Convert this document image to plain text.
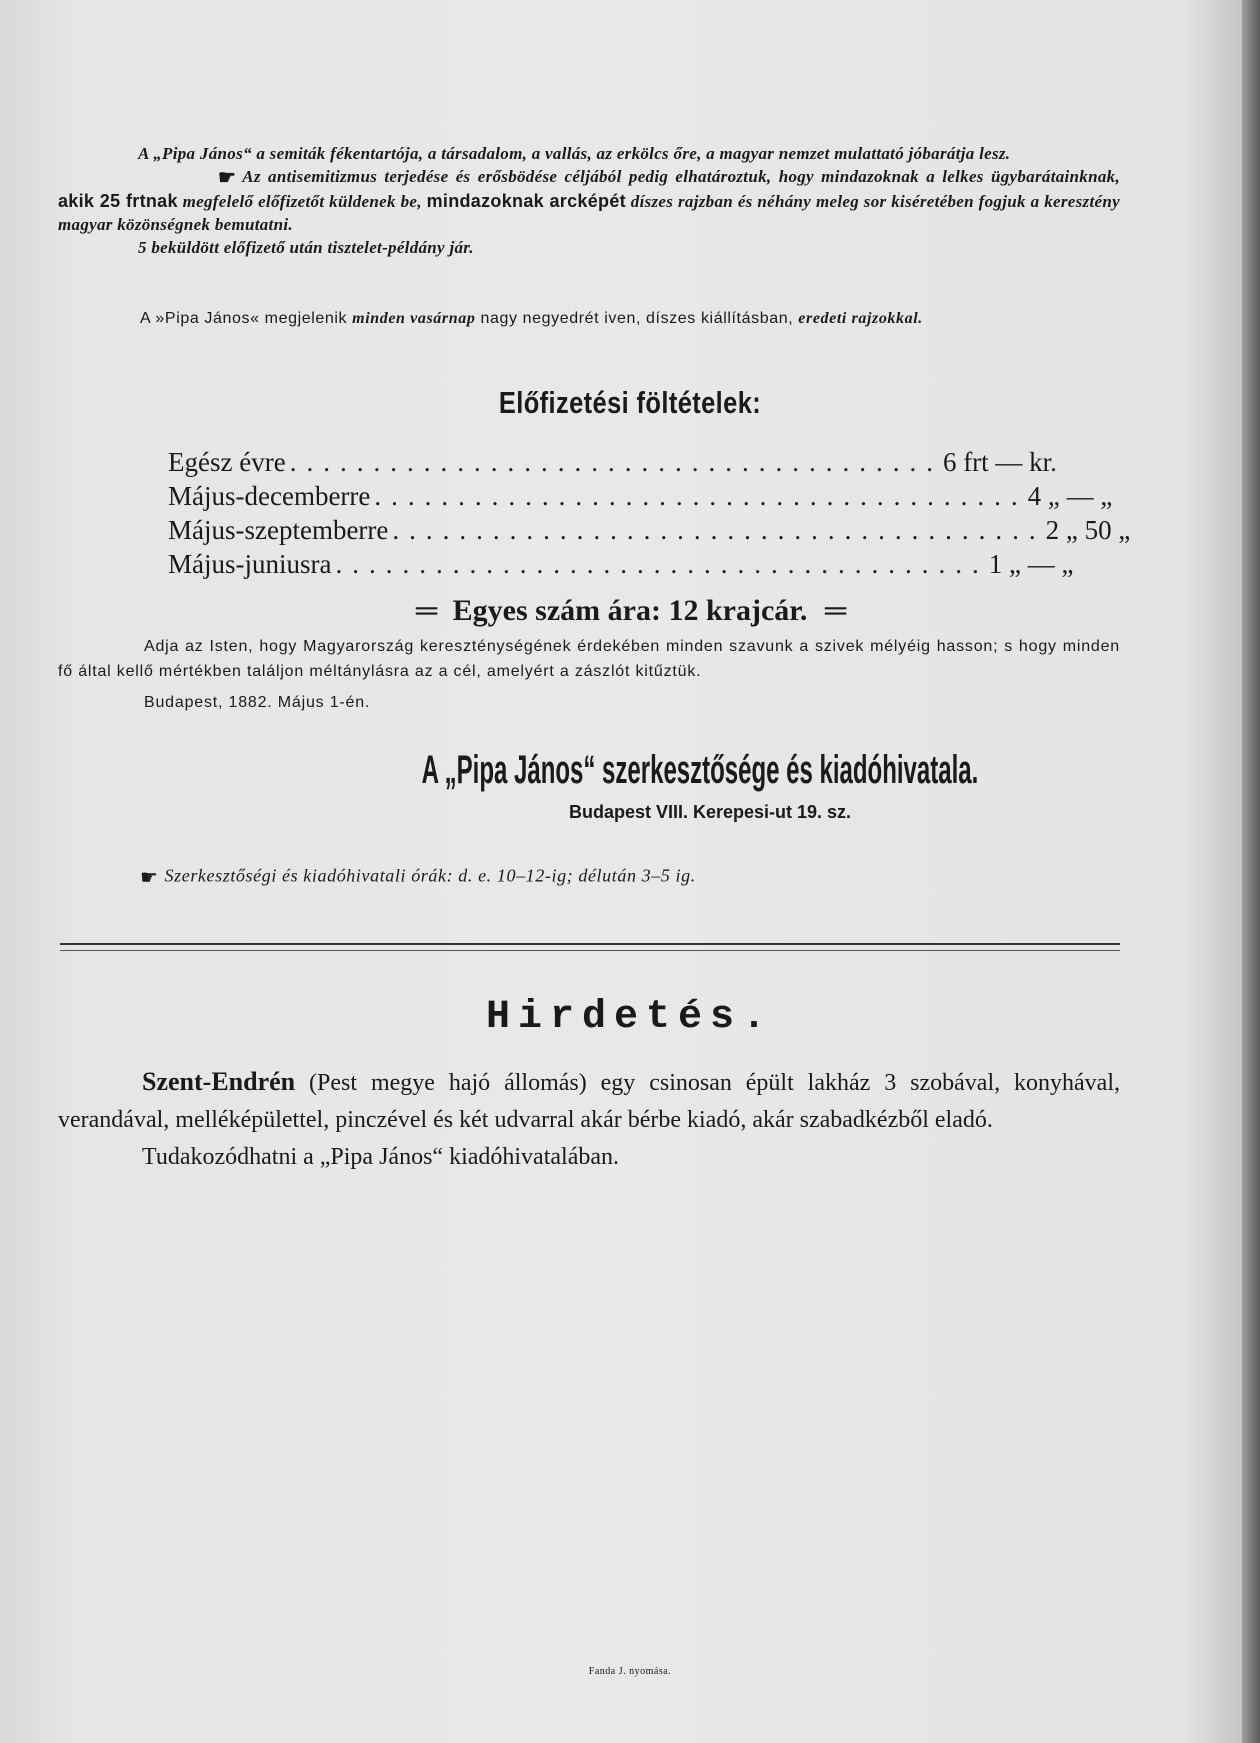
A „Pipa János“ a semiták fékentartója, a társadalom, a vallás, az erkölcs őre, a magyar nemzet mulattató jóbarátja lesz.

☛ Az antisemitizmus terjedése és erősbödése céljából pedig elhatároztuk, hogy mindazoknak a lelkes ügybarátainknak, akik 25 frtnak megfelelő előfizetőt küldenek be, mindazoknak arcképét díszes rajzban és néhány meleg sor kiséretében fogjuk a keresztény magyar közönségnek bemutatni.

5 beküldött előfizető után tisztelet-példány jár.

A »Pipa János« megjelenik minden vasárnap nagy negyedrét iven, díszes kiállításban, eredeti rajzokkal.
Előfizetési föltételek:
Egész évre ....................................... 6 frt — kr.
Május-decemberre ....................................... 4 „ — „
Május-szeptemberre ....................................... 2 „ 50 „
Május-juniusra ....................................... 1 „ — „
═ Egyes szám ára: 12 krajcár. ═

Adja az Isten, hogy Magyarország kereszténységének érdekében minden szavunk a szivek mélyéig hasson; s hogy minden fő által kellő mértékben találjon méltánylásra az a cél, amelyért a zászlót kitűztük.

Budapest, 1882. Május 1-én.

A „Pipa János“ szerkesztősége és kiadóhivatala.
Budapest VIII. Kerepesi-ut 19. sz.
☛ Szerkesztőségi és kiadóhivatali órák: d. e. 10–12-ig; délután 3–5 ig.
Hirdetés.

Szent-Endrén (Pest megye hajó állomás) egy csinosan épült lakház 3 szobával, konyhával, verandával, melléképülettel, pinczével és két udvarral akár bérbe kiadó, akár szabadkézből eladó.

Tudakozódhatni a „Pipa János“ kiadóhivatalában.

Fanda J. nyomása.
